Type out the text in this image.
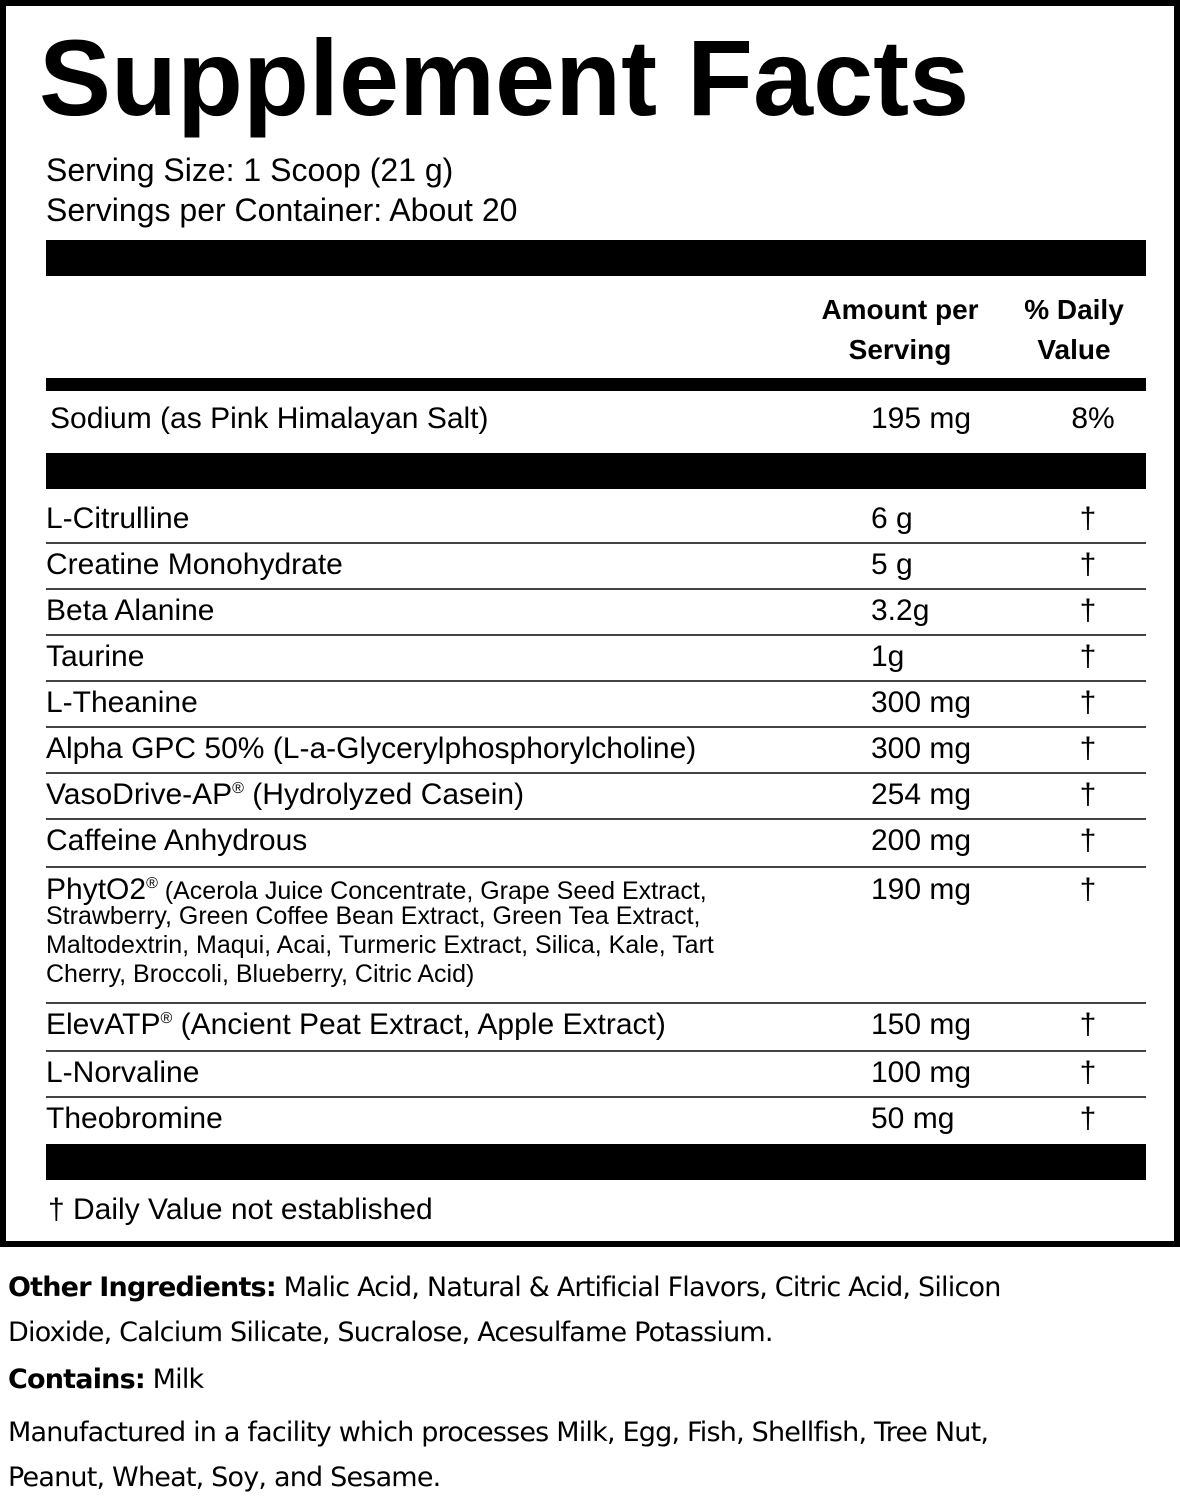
Supplement Facts
Serving Size: 1 Scoop (21 g)
Servings per Container: About 20
Amount per
Serving
% Daily
Value
Sodium (as Pink Himalayan Salt)	195 mg	8%
L-Citrulline	6 g	†
Creatine Monohydrate	5 g	†
Beta Alanine	3.2g	†
Taurine	1g	†
L-Theanine	300 mg	†
Alpha GPC 50% (L-a-Glycerylphosphorylcholine)	300 mg	†
VasoDrive-AP® (Hydrolyzed Casein)	254 mg	†
Caffeine Anhydrous	200 mg	†
PhytO2® (Acerola Juice Concentrate, Grape Seed Extract,
Strawberry, Green Coffee Bean Extract, Green Tea Extract,
Maltodextrin, Maqui, Acai, Turmeric Extract, Silica, Kale, Tart
Cherry, Broccoli, Blueberry, Citric Acid)
190 mg	†
ElevATP® (Ancient Peat Extract, Apple Extract)	150 mg	†
L-Norvaline	100 mg	†
Theobromine	50 mg	†
† Daily Value not established
Other Ingredients: Malic Acid, Natural & Artificial Flavors, Citric Acid, Silicon
Dioxide, Calcium Silicate, Sucralose, Acesulfame Potassium.
Contains: Milk
Manufactured in a facility which processes Milk, Egg, Fish, Shellfish, Tree Nut,
Peanut, Wheat, Soy, and Sesame.
